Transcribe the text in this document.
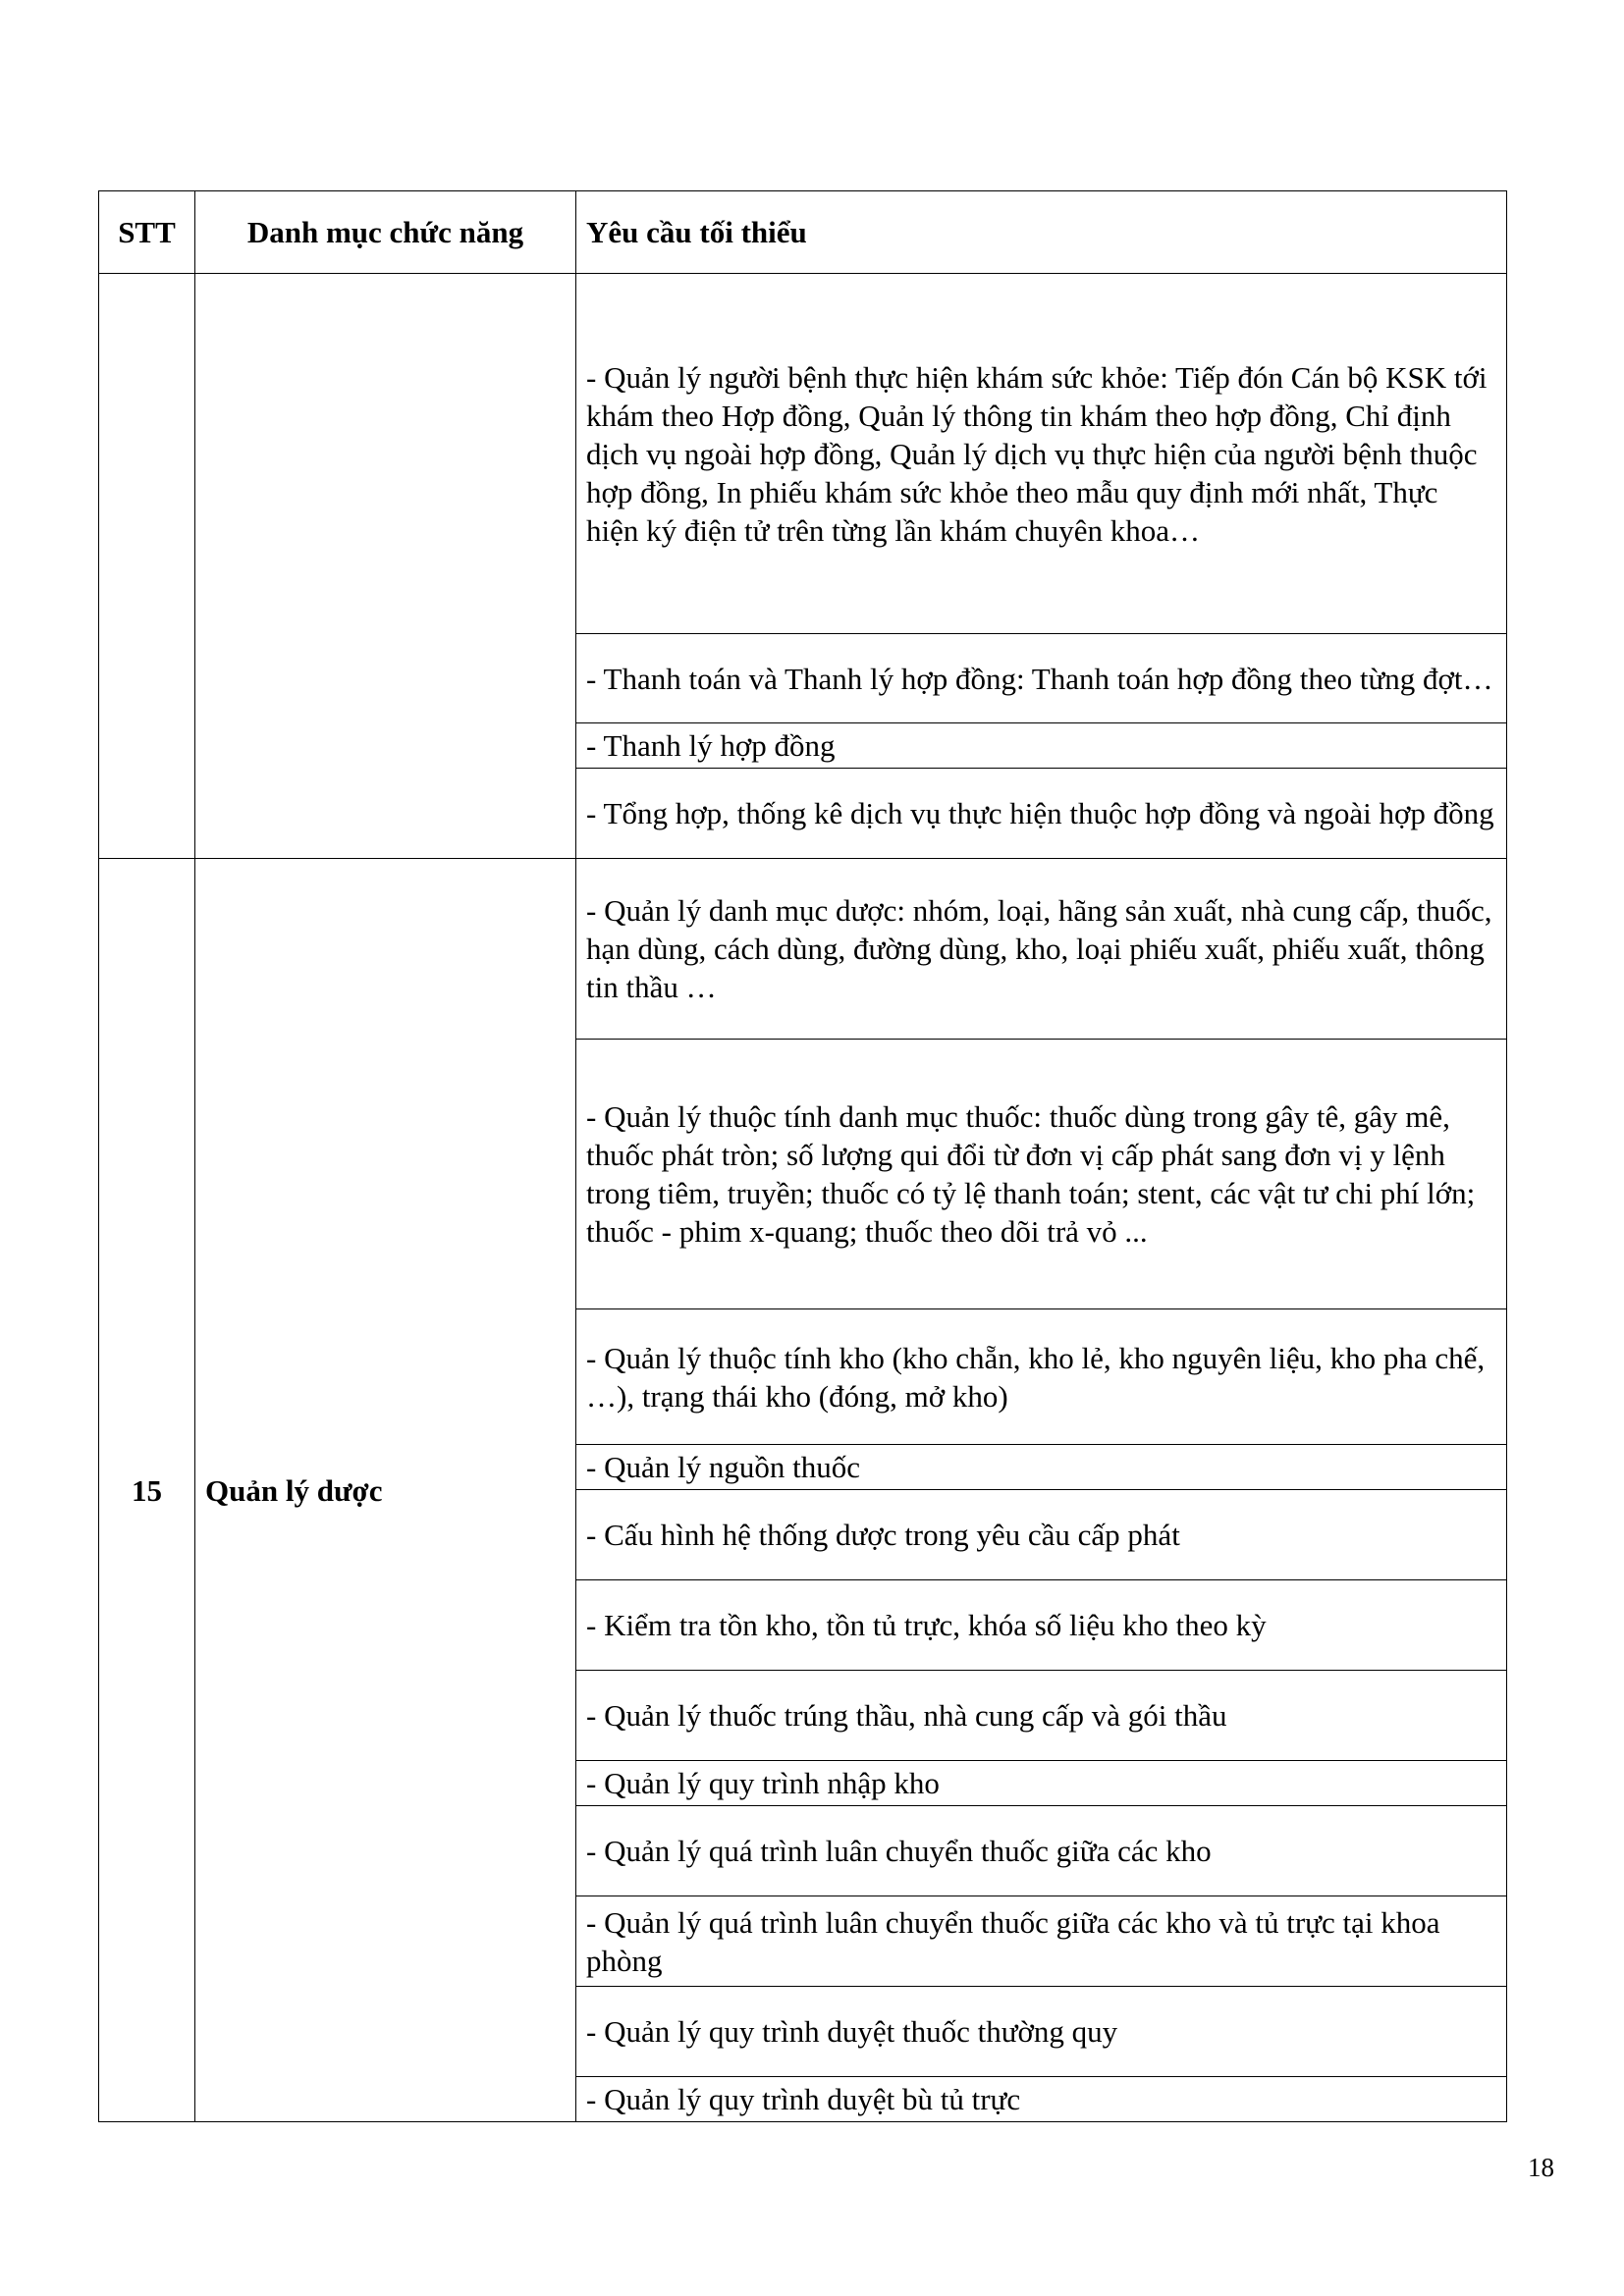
STT	Danh mục chức năng	Yêu cầu tối thiểu
		- Quản lý người bệnh thực hiện khám sức khỏe: Tiếp đón Cán bộ KSK tới khám theo Hợp đồng, Quản lý thông tin khám theo hợp đồng, Chỉ định dịch vụ ngoài hợp đồng, Quản lý dịch vụ thực hiện của người bệnh thuộc hợp đồng, In phiếu khám sức khỏe theo mẫu quy định mới nhất, Thực hiện ký điện tử trên từng lần khám chuyên khoa…
		- Thanh toán và Thanh lý hợp đồng: Thanh toán hợp đồng theo từng đợt…
		- Thanh lý hợp đồng
		- Tổng hợp, thống kê dịch vụ thực hiện thuộc hợp đồng và ngoài hợp đồng
15	Quản lý dược	- Quản lý danh mục dược: nhóm, loại, hãng sản xuất, nhà cung cấp, thuốc, hạn dùng, cách dùng, đường dùng, kho, loại phiếu xuất, phiếu xuất, thông tin thầu …
		- Quản lý thuộc tính danh mục thuốc: thuốc dùng trong gây tê, gây mê, thuốc phát tròn; số lượng qui đổi từ đơn vị cấp phát sang đơn vị y lệnh trong tiêm, truyền; thuốc có tỷ lệ thanh toán; stent, các vật tư chi phí lớn; thuốc - phim x-quang; thuốc theo dõi trả vỏ ...
		- Quản lý thuộc tính kho (kho chẵn, kho lẻ, kho nguyên liệu, kho pha chế, …), trạng thái kho (đóng, mở kho)
		- Quản lý nguồn thuốc
		- Cấu hình hệ thống dược trong yêu cầu cấp phát
		- Kiểm tra tồn kho, tồn tủ trực, khóa số liệu kho theo kỳ
		- Quản lý thuốc trúng thầu, nhà cung cấp và gói thầu
		- Quản lý quy trình nhập kho
		- Quản lý quá trình luân chuyển thuốc giữa các kho
		- Quản lý quá trình luân chuyển thuốc giữa các kho và tủ trực tại khoa phòng
		- Quản lý quy trình duyệt thuốc thường quy
		- Quản lý quy trình duyệt bù tủ trực
18
